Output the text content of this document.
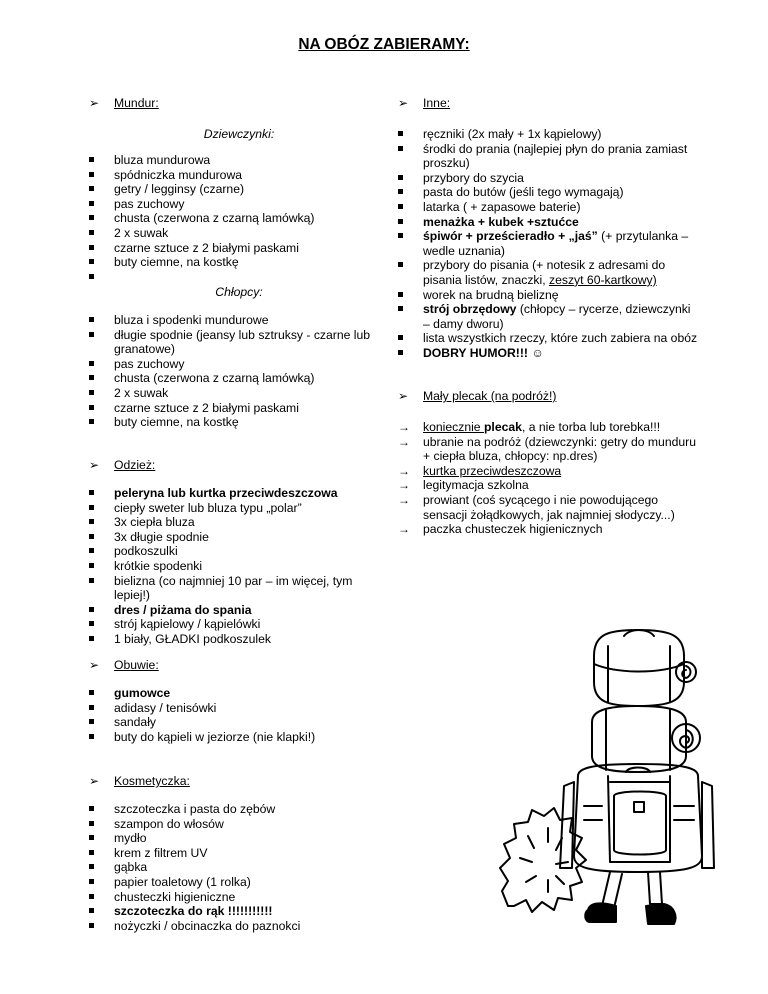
NA OBÓZ ZABIERAMY:
➢ Mundur:
Dziewczynki:
bluza mundurowa
spódniczka mundurowa
getry / legginsy (czarne)
pas zuchowy
chusta (czerwona z czarną lamówką)
2 x suwak
czarne sztuce z 2 białymi paskami
buty ciemne, na kostkę

Chłopcy:
bluza i spodenki mundurowe
długie spodnie (jeansy lub sztruksy - czarne lub granatowe)
pas zuchowy
chusta (czerwona z czarną lamówką)
2 x suwak
czarne sztuce z 2 białymi paskami
buty ciemne, na kostkę
➢ Odzież:
peleryna lub kurtka przeciwdeszczowa
ciepły sweter lub bluza typu „polar”
3x ciepła bluza
3x długie spodnie
podkoszulki
krótkie spodenki
bielizna (co najmniej 10 par – im więcej, tym lepiej!)
dres / piżama do spania
strój kąpielowy / kąpielówki
1 biały, GŁADKI podkoszulek
➢ Obuwie:
gumowce
adidasy / tenisówki
sandały
buty do kąpieli w jeziorze (nie klapki!)
➢ Kosmetyczka:
szczoteczka i pasta do zębów
szampon do włosów
mydło
krem z filtrem UV
gąbka
papier toaletowy (1 rolka)
chusteczki higieniczne
szczoteczka do rąk !!!!!!!!!!!
nożyczki / obcinaczka do paznokci
➢ Inne:
ręczniki (2x mały + 1x kąpielowy)
środki do prania (najlepiej płyn do prania zamiast proszku)
przybory do szycia
pasta do butów (jeśli tego wymagają)
latarka ( + zapasowe baterie)
menażka + kubek +sztućce
śpiwór + prześcieradło + „jaś” (+ przytulanka – wedle uznania)
przybory do pisania (+ notesik z adresami do pisania listów, znaczki, zeszyt 60-kartkowy)
worek na brudną bieliznę
strój obrzędowy (chłopcy – rycerze, dziewczynki – damy dworu)
lista wszystkich rzeczy, które zuch zabiera na obóz
DOBRY HUMOR!!! ☺
➢ Mały plecak (na podróż!)
→ koniecznie plecak, a nie torba lub torebka!!!
→ ubranie na podróż (dziewczynki: getry do munduru + ciepła bluza, chłopcy: np.dres)
→ kurtka przeciwdeszczowa
→ legitymacja szkolna
→ prowiant (coś sycącego i nie powodującego sensacji żołądkowych, jak najmniej słodyczy...)
→ paczka chusteczek higienicznych
